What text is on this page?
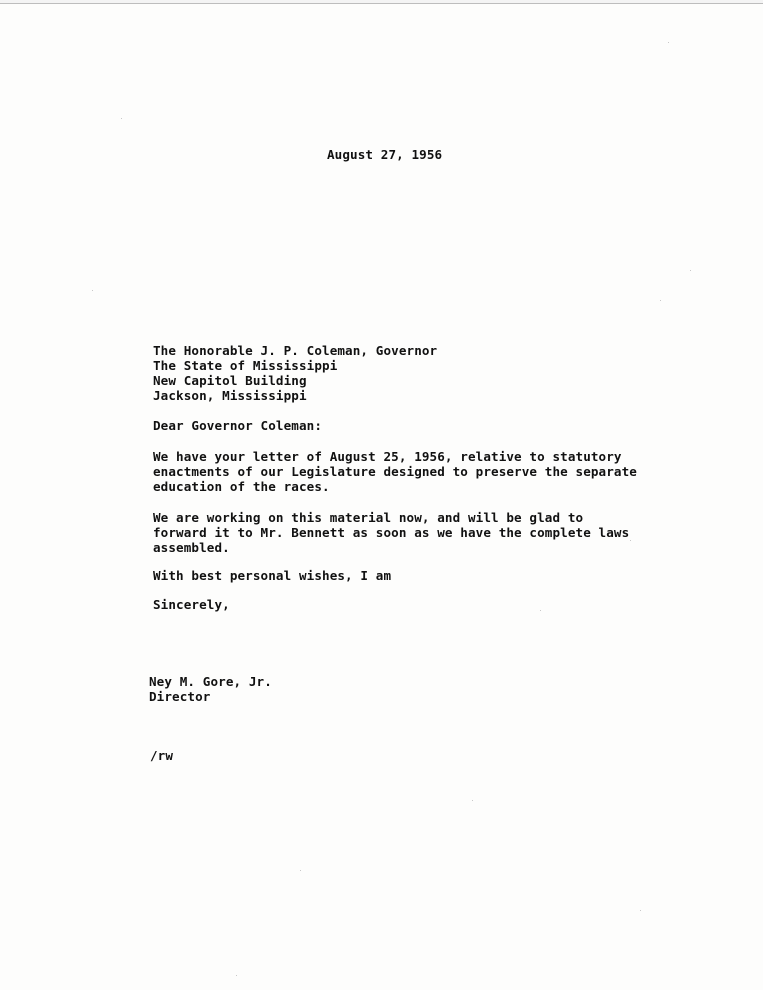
August 27, 1956
The Honorable J. P. Coleman, Governor
The State of Mississippi
New Capitol Building
Jackson, Mississippi
Dear Governor Coleman:
We have your letter of August 25, 1956, relative to statutory
enactments of our Legislature designed to preserve the separate
education of the races.
We are working on this material now, and will be glad to
forward it to Mr. Bennett as soon as we have the complete laws
assembled.
With best personal wishes, I am
Sincerely,
Ney M. Gore, Jr.
Director
/rw
